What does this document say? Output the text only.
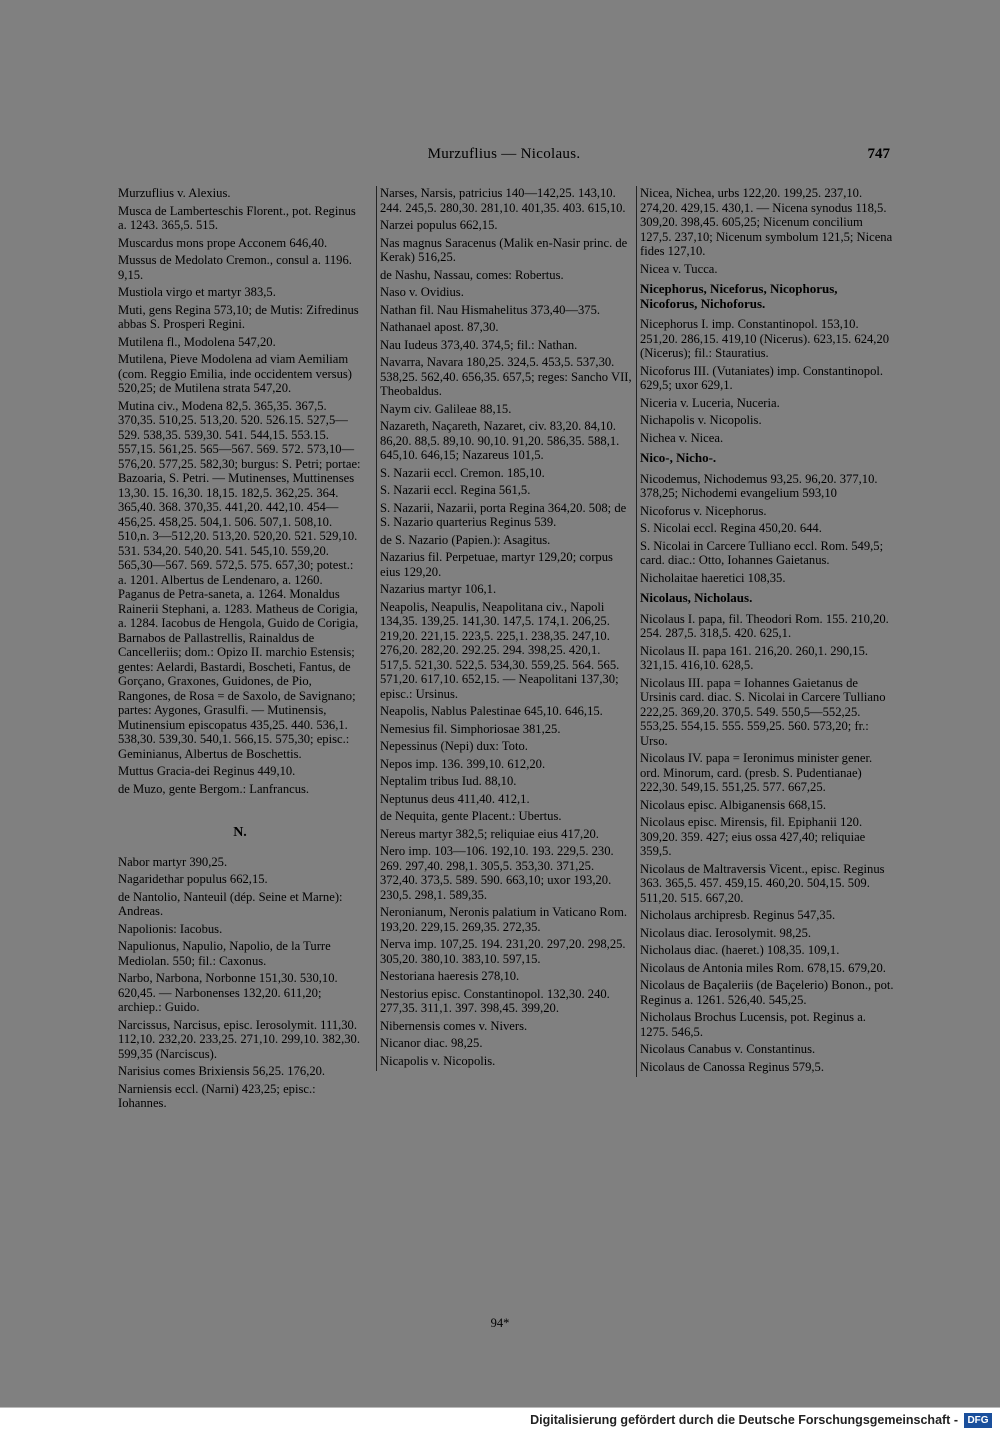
Murzuflius — Nicolaus.	747
Murzuflius v. Alexius.
Musca de Lamberteschis Florent., pot. Reginus a. 1243. 365,5. 515.
Muscardus mons prope Acconem 646,40.
Mussus de Medolato Cremon., consul a. 1196. 9,15.
Mustiola virgo et martyr 383,5.
Muti, gens Regina 573,10; de Mutis: Zifredinus abbas S. Prosperi Regini.
Mutilena fl., Modolena 547,20.
Mutilena, Pieve Modolena ad viam Aemiliam (com. Reggio Emilia, inde occidentem versus) 520,25; de Mutilena strata 547,20.
Mutina civ., Modena 82,5. 365,35. 367,5. 370,35. 510,25. 513,20. 520. 526.15. 527,5—529. 538,35. 539,30. 541. 544,15. 553.15. 557,15. 561,25. 565—567. 569. 572. 573,10—576,20. 577,25. 582,30; burgus: S. Petri; portae: Bazoaria, S. Petri. — Mutinenses, Muttinenses 13,30. 15. 16,30. 18,15. 182,5. 362,25. 364. 365,40. 368. 370,35. 441,20. 442,10. 454—456,25. 458,25. 504,1. 506. 507,1. 508,10. 510,n. 3—512,20. 513,20. 520,20. 521. 529,10. 531. 534,20. 540,20. 541. 545,10. 559,20. 565,30—567. 569. 572,5. 575. 657,30; potest.: a. 1201. Albertus de Lendenaro, a. 1260. Paganus de Petra-saneta, a. 1264. Monaldus Rainerii Stephani, a. 1283. Matheus de Corigia, a. 1284. Iacobus de Hengola, Guido de Corigia, Barnabos de Pallastrellis, Rainaldus de Cancelleriis; dom.: Opizo II. marchio Estensis; gentes: Aelardi, Bastardi, Boscheti, Fantus, de Gorçano, Graxones, Guidones, de Pio, Rangones, de Rosa = de Saxolo, de Savignano; partes: Aygones, Grasulfi. — Mutinensis, Mutinensium episcopatus 435,25. 440. 536,1. 538,30. 539,30. 540,1. 566,15. 575,30; episc.: Geminianus, Albertus de Boschettis.
Muttus Gracia-dei Reginus 449,10.
de Muzo, gente Bergom.: Lanfrancus.
N.
Nabor martyr 390,25.
Nagaridethar populus 662,15.
de Nantolio, Nanteuil (dép. Seine et Marne): Andreas.
Napolionis: Iacobus.
Napulionus, Napulio, Napolio, de la Turre Mediolan. 550; fil.: Caxonus.
Narbo, Narbona, Norbonne 151,30. 530,10. 620,45. — Narbonenses 132,20. 611,20; archiep.: Guido.
Narcissus, Narcisus, episc. Ierosolymit. 111,30. 112,10. 232,20. 233,25. 271,10. 299,10. 382,30. 599,35 (Narciscus).
Narisius comes Brixiensis 56,25. 176,20.
Narniensis eccl. (Narni) 423,25; episc.: Iohannes.
Narses, Narsis, patricius 140—142,25. 143,10. 244. 245,5. 280,30. 281,10. 401,35. 403. 615,10.
Narzei populus 662,15.
Nas magnus Saracenus (Malik en-Nasir princ. de Kerak) 516,25.
de Nashu, Nassau, comes: Robertus.
Naso v. Ovidius.
Nathan fil. Nau Hismahelitus 373,40—375.
Nathanael apost. 87,30.
Nau Iudeus 373,40. 374,5; fil.: Nathan.
Navarra, Navara 180,25. 324,5. 453,5. 537,30. 538,25. 562,40. 656,35. 657,5; reges: Sancho VII, Theobaldus.
Naym civ. Galileae 88,15.
Nazareth, Naçareth, Nazaret, civ. 83,20. 84,10. 86,20. 88,5. 89,10. 90,10. 91,20. 586,35. 588,1. 645,10. 646,15; Nazareus 101,5.
S. Nazarii eccl. Cremon. 185,10.
S. Nazarii eccl. Regina 561,5.
S. Nazarii, Nazarii, porta Regina 364,20. 508; de S. Nazario quarterius Reginus 539.
de S. Nazario (Papien.): Asagitus.
Nazarius fil. Perpetuae, martyr 129,20; corpus eius 129,20.
Nazarius martyr 106,1.
Neapolis, Neapulis, Neapolitana civ., Napoli 134,35. 139,25. 141,30. 147,5. 174,1. 206,25. 219,20. 221,15. 223,5. 225,1. 238,35. 247,10. 276,20. 282,20. 292.25. 294. 398,25. 420,1. 517,5. 521,30. 522,5. 534,30. 559,25. 564. 565. 571,20. 617,10. 652,15. — Neapolitani 137,30; episc.: Ursinus.
Neapolis, Nablus Palestinae 645,10. 646,15.
Nemesius fil. Simphoriosae 381,25.
Nepessinus (Nepi) dux: Toto.
Nepos imp. 136. 399,10. 612,20.
Neptalim tribus Iud. 88,10.
Neptunus deus 411,40. 412,1.
de Nequita, gente Placent.: Ubertus.
Nereus martyr 382,5; reliquiae eius 417,20.
Nero imp. 103—106. 192,10. 193. 229,5. 230. 269. 297,40. 298,1. 305,5. 353,30. 371,25. 372,40. 373,5. 589. 590. 663,10; uxor 193,20. 230,5. 298,1. 589,35.
Neronianum, Neronis palatium in Vaticano Rom. 193,20. 229,15. 269,35. 272,35.
Nerva imp. 107,25. 194. 231,20. 297,20. 298,25. 305,20. 380,10. 383,10. 597,15.
Nestoriana haeresis 278,10.
Nestorius episc. Constantinopol. 132,30. 240. 277,35. 311,1. 397. 398,45. 399,20.
Nibernensis comes v. Nivers.
Nicanor diac. 98,25.
Nicapolis v. Nicopolis.
Nicea, Nichea, urbs 122,20. 199,25. 237,10. 274,20. 429,15. 430,1. — Nicena synodus 118,5. 309,20. 398,45. 605,25; Nicenum concilium 127,5. 237,10; Nicenum symbolum 121,5; Nicena fides 127,10.
Nicea v. Tucca.
Nicephorus, Niceforus, Nicophorus, Nicoforus, Nichoforus.
Nicephorus I. imp. Constantinopol. 153,10. 251,20. 286,15. 419,10 (Nicerus). 623,15. 624,20 (Nicerus); fil.: Stauratius.
Nicoforus III. (Vutaniates) imp. Constantinopol. 629,5; uxor 629,1.
Niceria v. Luceria, Nuceria.
Nichapolis v. Nicopolis.
Nichea v. Nicea.
Nico-, Nicho-.
Nicodemus, Nichodemus 93,25. 96,20. 377,10. 378,25; Nichodemi evangelium 593,10
Nicoforus v. Nicephorus.
S. Nicolai eccl. Regina 450,20. 644.
S. Nicolai in Carcere Tulliano eccl. Rom. 549,5; card. diac.: Otto, Iohannes Gaietanus.
Nicholaitae haeretici 108,35.
Nicolaus, Nicholaus.
Nicolaus I. papa, fil. Theodori Rom. 155. 210,20. 254. 287,5. 318,5. 420. 625,1.
Nicolaus II. papa 161. 216,20. 260,1. 290,15. 321,15. 416,10. 628,5.
Nicolaus III. papa = Iohannes Gaietanus de Ursinis card. diac. S. Nicolai in Carcere Tulliano 222,25. 369,20. 370,5. 549. 550,5—552,25. 553,25. 554,15. 555. 559,25. 560. 573,20; fr.: Urso.
Nicolaus IV. papa = Ieronimus minister gener. ord. Minorum, card. (presb. S. Pudentianae) 222,30. 549,15. 551,25. 577. 667,25.
Nicolaus episc. Albiganensis 668,15.
Nicolaus episc. Mirensis, fil. Epiphanii 120. 309,20. 359. 427; eius ossa 427,40; reliquiae 359,5.
Nicolaus de Maltraversis Vicent., episc. Reginus 363. 365,5. 457. 459,15. 460,20. 504,15. 509. 511,20. 515. 667,20.
Nicholaus archipresb. Reginus 547,35.
Nicolaus diac. Ierosolymit. 98,25.
Nicholaus diac. (haeret.) 108,35. 109,1.
Nicolaus de Antonia miles Rom. 678,15. 679,20.
Nicolaus de Baçaleriis (de Baçelerio) Bonon., pot. Reginus a. 1261. 526,40. 545,25.
Nicholaus Brochus Lucensis, pot. Reginus a. 1275. 546,5.
Nicolaus Canabus v. Constantinus.
Nicolaus de Canossa Reginus 579,5.
94*
Digitalisierung gefördert durch die Deutsche Forschungsgemeinschaft - DFG
